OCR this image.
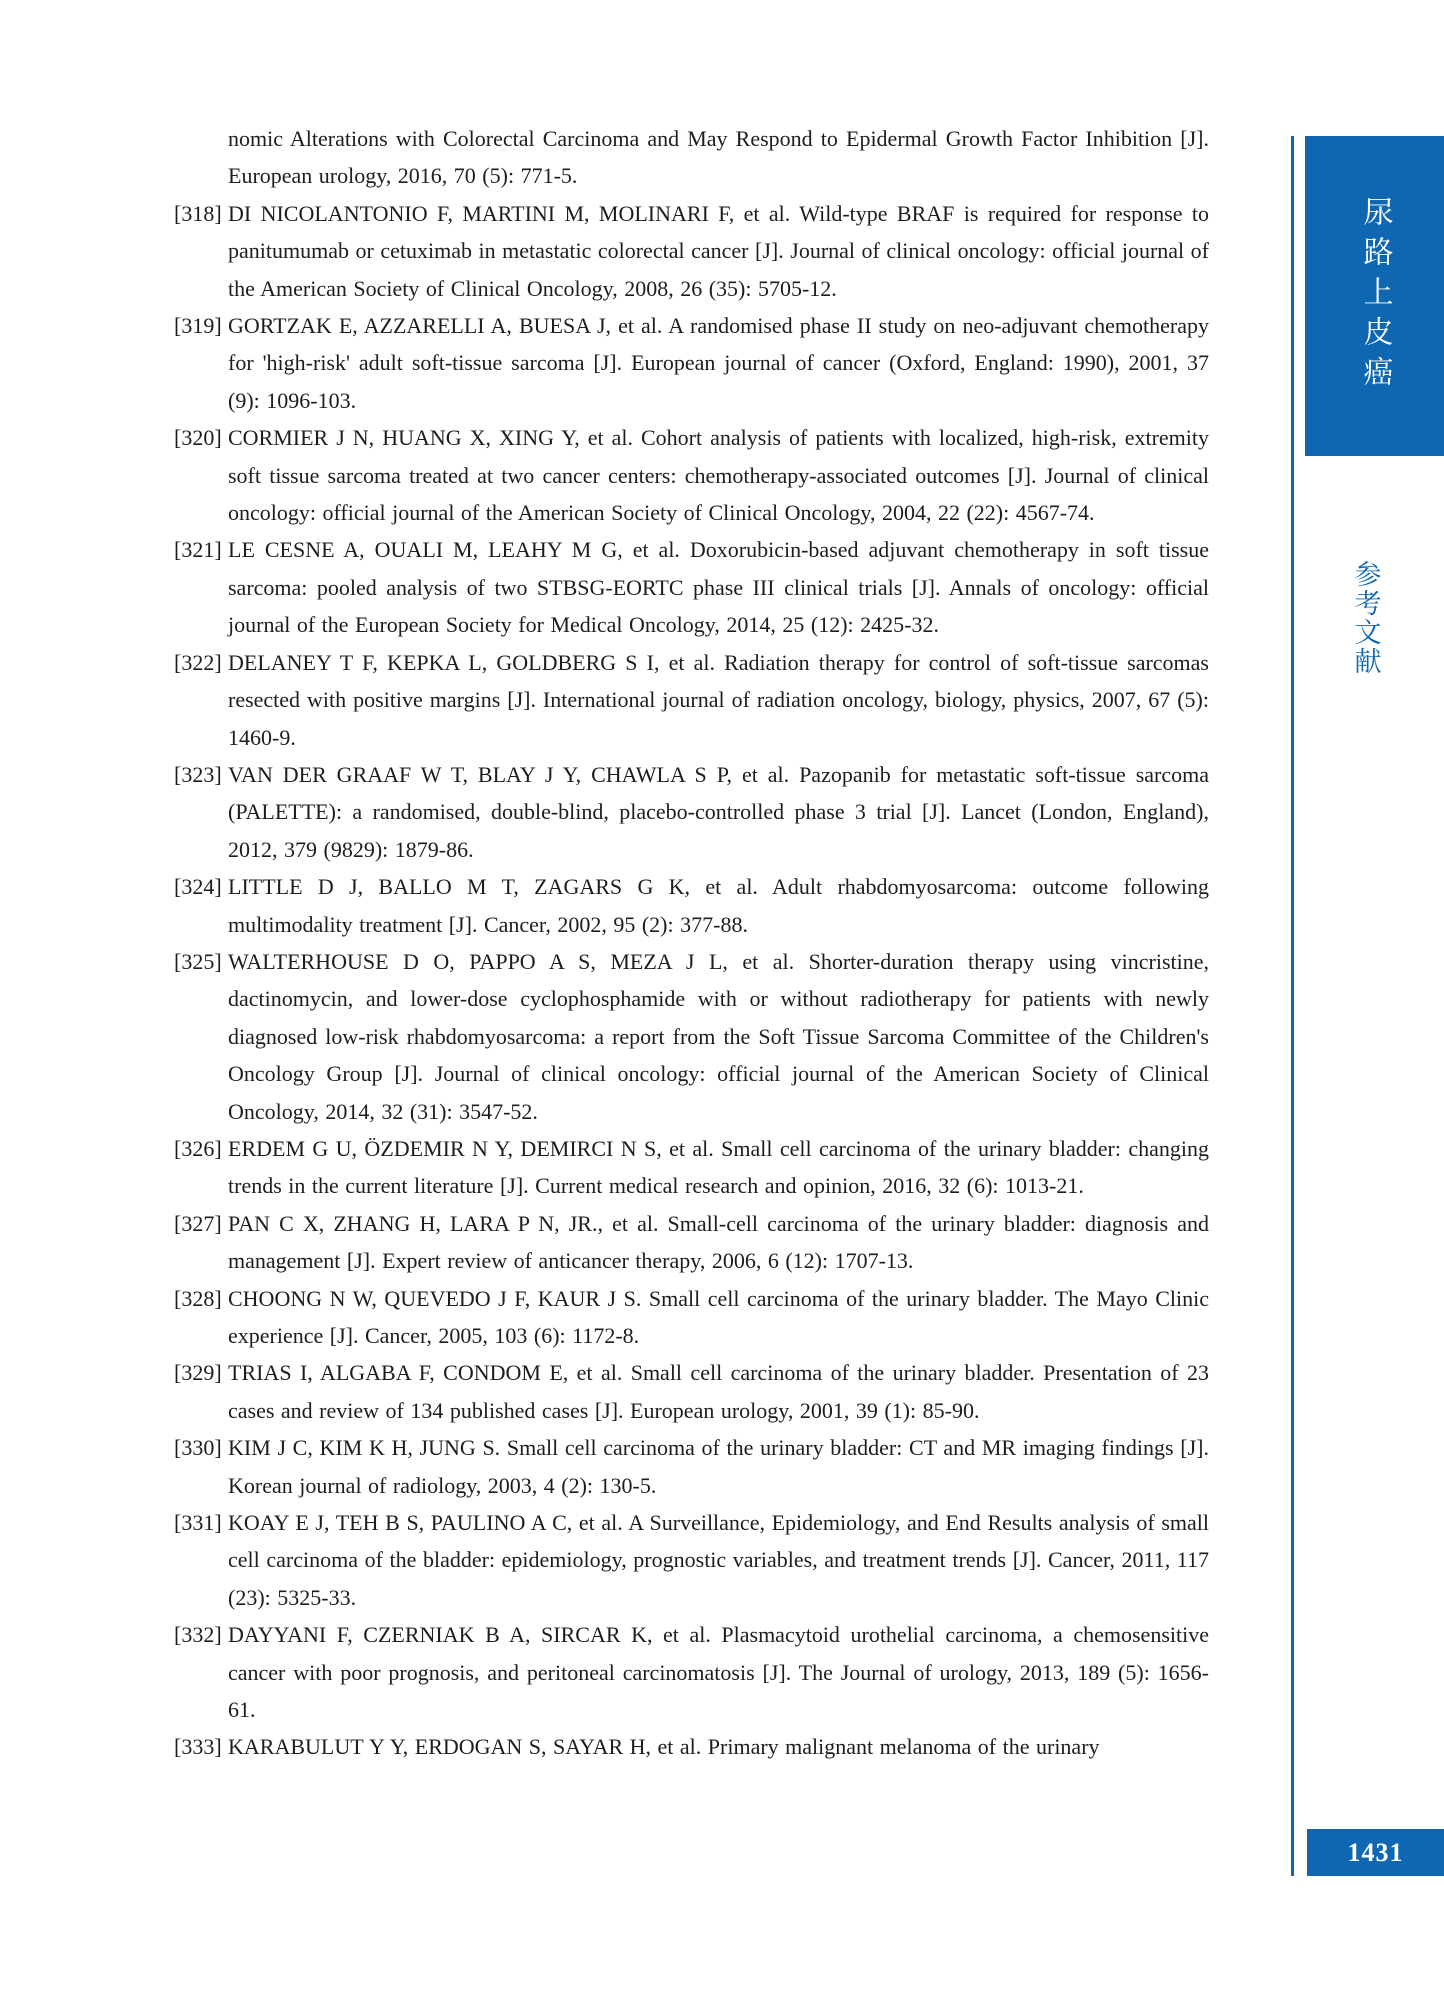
nomic Alterations with Colorectal Carcinoma and May Respond to Epidermal Growth Factor Inhibition [J]. European urology, 2016, 70 (5): 771-5.
[318] DI NICOLANTONIO F, MARTINI M, MOLINARI F, et al. Wild-type BRAF is required for response to panitumumab or cetuximab in metastatic colorectal cancer [J]. Journal of clinical oncology: official journal of the American Society of Clinical Oncology, 2008, 26 (35): 5705-12.
[319] GORTZAK E, AZZARELLI A, BUESA J, et al. A randomised phase II study on neo-adjuvant chemotherapy for 'high-risk' adult soft-tissue sarcoma [J]. European journal of cancer (Oxford, England: 1990), 2001, 37 (9): 1096-103.
[320] CORMIER J N, HUANG X, XING Y, et al. Cohort analysis of patients with localized, high-risk, extremity soft tissue sarcoma treated at two cancer centers: chemotherapy-associated outcomes [J]. Journal of clinical oncology: official journal of the American Society of Clinical Oncology, 2004, 22 (22): 4567-74.
[321] LE CESNE A, OUALI M, LEAHY M G, et al. Doxorubicin-based adjuvant chemotherapy in soft tissue sarcoma: pooled analysis of two STBSG-EORTC phase III clinical trials [J]. Annals of oncology: official journal of the European Society for Medical Oncology, 2014, 25 (12): 2425-32.
[322] DELANEY T F, KEPKA L, GOLDBERG S I, et al. Radiation therapy for control of soft-tissue sarcomas resected with positive margins [J]. International journal of radiation oncology, biology, physics, 2007, 67 (5): 1460-9.
[323] VAN DER GRAAF W T, BLAY J Y, CHAWLA S P, et al. Pazopanib for metastatic soft-tissue sarcoma (PALETTE): a randomised, double-blind, placebo-controlled phase 3 trial [J]. Lancet (London, England), 2012, 379 (9829): 1879-86.
[324] LITTLE D J, BALLO M T, ZAGARS G K, et al. Adult rhabdomyosarcoma: outcome following multimodality treatment [J]. Cancer, 2002, 95 (2): 377-88.
[325] WALTERHOUSE D O, PAPPO A S, MEZA J L, et al. Shorter-duration therapy using vincristine, dactinomycin, and lower-dose cyclophosphamide with or without radiotherapy for patients with newly diagnosed low-risk rhabdomyosarcoma: a report from the Soft Tissue Sarcoma Committee of the Children's Oncology Group [J]. Journal of clinical oncology: official journal of the American Society of Clinical Oncology, 2014, 32 (31): 3547-52.
[326] ERDEM G U, ÖZDEMIR N Y, DEMIRCI N S, et al. Small cell carcinoma of the urinary bladder: changing trends in the current literature [J]. Current medical research and opinion, 2016, 32 (6): 1013-21.
[327] PAN C X, ZHANG H, LARA P N, JR., et al. Small-cell carcinoma of the urinary bladder: diagnosis and management [J]. Expert review of anticancer therapy, 2006, 6 (12): 1707-13.
[328] CHOONG N W, QUEVEDO J F, KAUR J S. Small cell carcinoma of the urinary bladder. The Mayo Clinic experience [J]. Cancer, 2005, 103 (6): 1172-8.
[329] TRIAS I, ALGABA F, CONDOM E, et al. Small cell carcinoma of the urinary bladder. Presentation of 23 cases and review of 134 published cases [J]. European urology, 2001, 39 (1): 85-90.
[330] KIM J C, KIM K H, JUNG S. Small cell carcinoma of the urinary bladder: CT and MR imaging findings [J]. Korean journal of radiology, 2003, 4 (2): 130-5.
[331] KOAY E J, TEH B S, PAULINO A C, et al. A Surveillance, Epidemiology, and End Results analysis of small cell carcinoma of the bladder: epidemiology, prognostic variables, and treatment trends [J]. Cancer, 2011, 117 (23): 5325-33.
[332] DAYYANI F, CZERNIAK B A, SIRCAR K, et al. Plasmacytoid urothelial carcinoma, a chemosensitive cancer with poor prognosis, and peritoneal carcinomatosis [J]. The Journal of urology, 2013, 189 (5): 1656-61.
[333] KARABULUT Y Y, ERDOGAN S, SAYAR H, et al. Primary malignant melanoma of the urinary
尿路上皮癌
参考文献
1431
